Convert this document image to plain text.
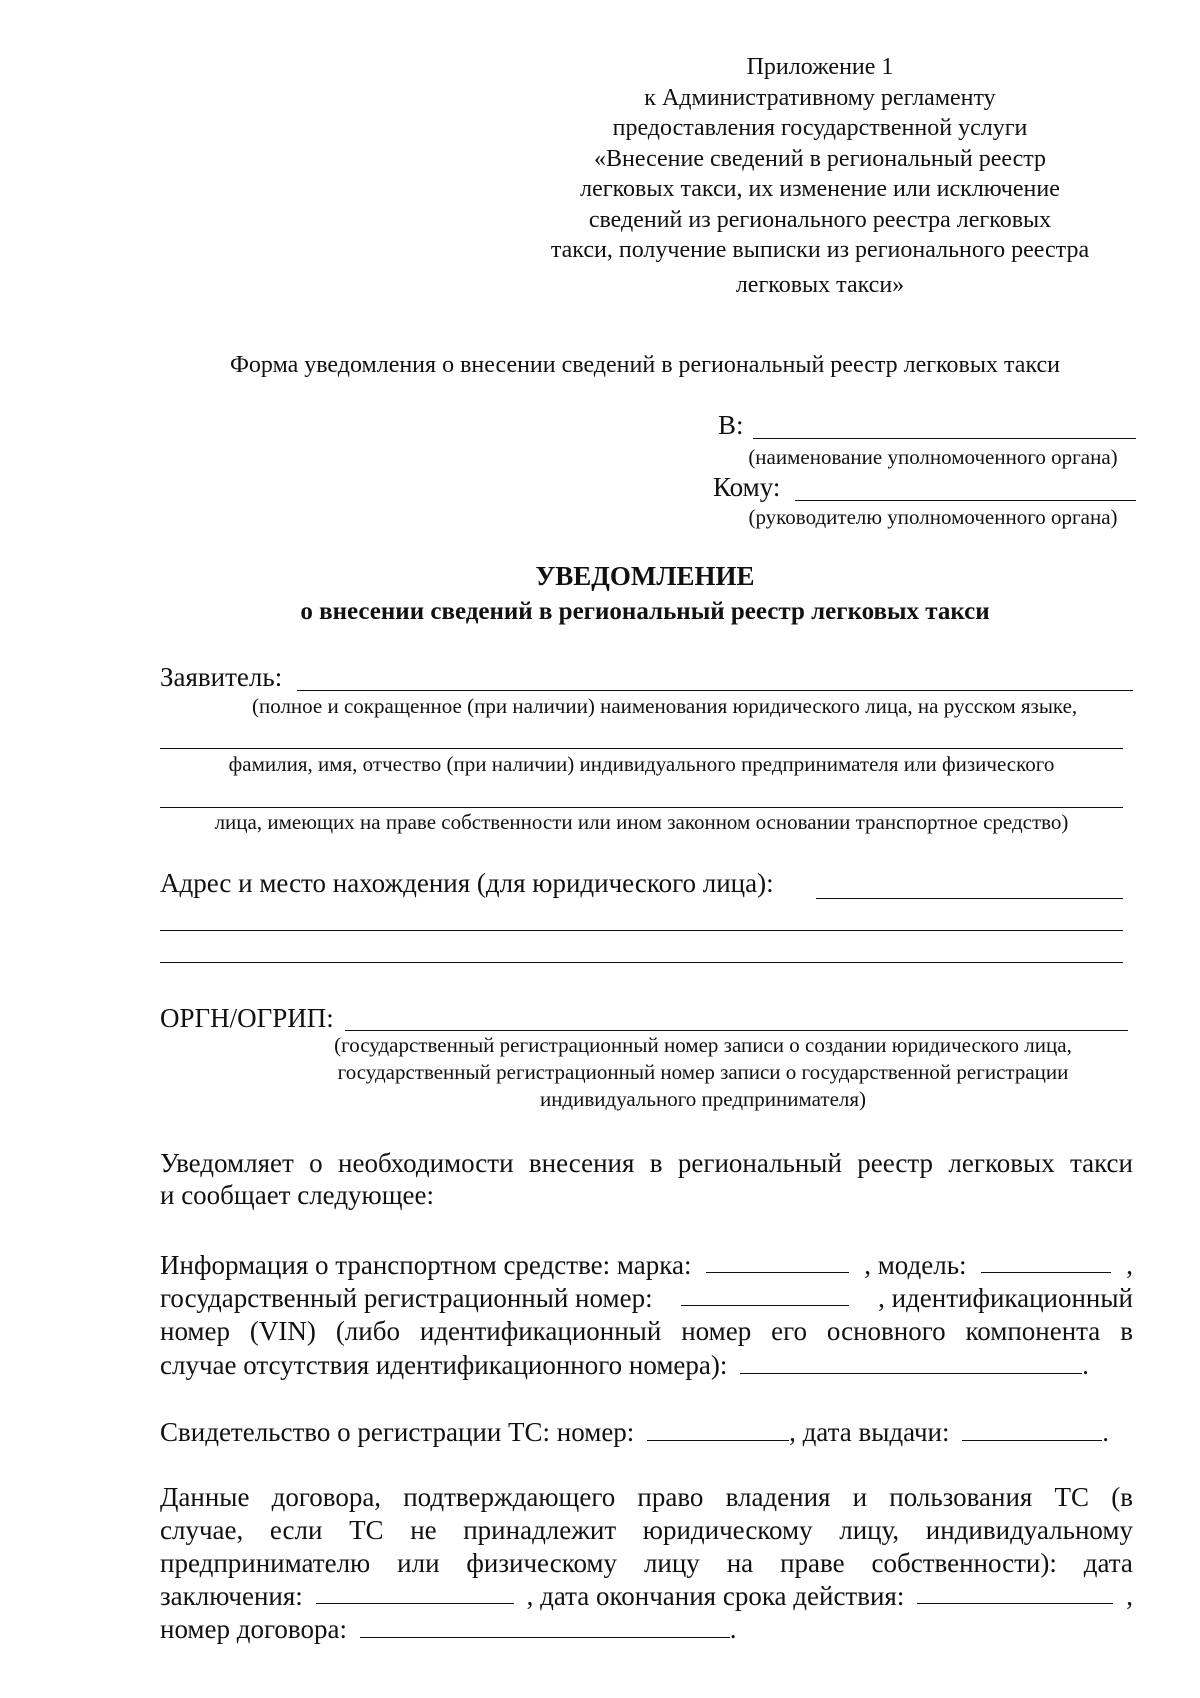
Приложение 1
к Административному регламенту
предоставления государственной услуги
«Внесение сведений в региональный реестр
легковых такси, их изменение или исключение
сведений из регионального реестра легковых
такси, получение выписки из регионального реестра
легковых такси»
Форма уведомления о внесении сведений в региональный реестр легковых такси
В:
(наименование уполномоченного органа)
Кому:
(руководителю уполномоченного органа)
УВЕДОМЛЕНИЕ
о внесении сведений в региональный реестр легковых такси
Заявитель:
(полное и сокращенное (при наличии) наименования юридического лица, на русском языке,
фамилия, имя, отчество (при наличии) индивидуального предпринимателя или физического
лица, имеющих на праве собственности или ином законном основании транспортное средство)
Адрес и место нахождения (для юридического лица):
ОРГН/ОГРИП:
(государственный регистрационный номер записи о создании юридического лица,
государственный регистрационный номер записи о государственной регистрации
индивидуального предпринимателя)
Уведомляет о необходимости внесения в региональный реестр легковых такси
и сообщает следующее:
Информация о транспортном средстве: марка:	, модель:	,
государственный регистрационный номер:	, идентификационный
номер (VIN) (либо идентификационный номер его основного компонента в
случае отсутствия идентификационного номера):	.
Свидетельство о регистрации ТС: номер:	, дата выдачи:	.
Данные договора, подтверждающего право владения и пользования ТС (в
случае, если ТС не принадлежит юридическому лицу, индивидуальному
предпринимателю или физическому лицу на праве собственности): дата
заключения:	, дата окончания срока действия:	,
номер договора:	.
